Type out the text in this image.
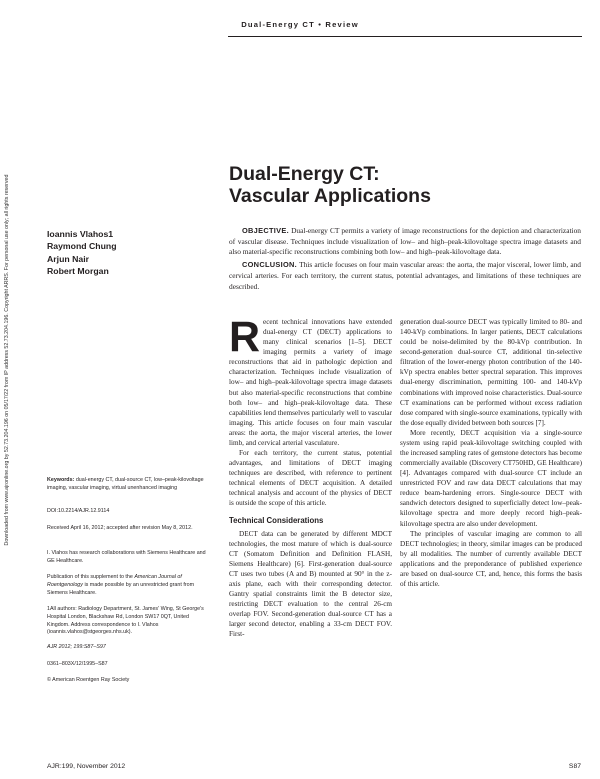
Dual-Energy CT • Review
Downloaded from www.ajronline.org by 52.73.204.196 on 05/17/22 from IP address 52.73.204.196. Copyright ARRS. For personal use only; all rights reserved
Dual-Energy CT:
Vascular Applications
Ioannis Vlahos1
Raymond Chung
Arjun Nair
Robert Morgan

OBJECTIVE. Dual-energy CT permits a variety of image reconstructions for the depiction and characterization of vascular disease. Techniques include visualization of low– and high–peak-kilovoltage spectra image datasets and also material-specific reconstructions combining both low– and high–peak-kilovoltage data.

CONCLUSION. This article focuses on four main vascular areas: the aorta, the major visceral, lower limb, and cervical arteries. For each territory, the current status, potential advantages, and limitations of these techniques are described.

Recent technical innovations have extended dual-energy CT (DECT) applications to many clinical scenarios [1–5]. DECT imaging permits a variety of image reconstructions that aid in pathologic depiction and characterization. Techniques include visualization of low– and high–peak-kilovoltage spectra image datasets but also material-specific reconstructions that combine both low– and high–peak-kilovoltage data. These capabilities lend themselves particularly well to vascular imaging. This article focuses on four main vascular areas: the aorta, the major visceral arteries, the lower limb, and cervical arterial vasculature.

For each territory, the current status, potential advantages, and limitations of DECT imaging techniques are described, with reference to pertinent technical elements of DECT acquisition. A detailed technical analysis and account of the physics of DECT is outside the scope of this article.

Technical Considerations

DECT data can be generated by different MDCT technologies, the most mature of which is dual-source CT (Somatom Definition and Definition FLASH, Siemens Healthcare) [6]. First-generation dual-source CT uses two tubes (A and B) mounted at 90° in the z-axis plane, each with their corresponding detector. Gantry spatial constraints limit the B detector size, restricting DECT evaluation to the central 26-cm overlap FOV. Second-generation dual-source CT has a larger second detector, enabling a 33-cm DECT FOV. First-

generation dual-source DECT was typically limited to 80- and 140-kVp combinations. In larger patients, DECT calculations could be noise-delimited by the 80-kVp contribution. In second-generation dual-source CT, additional tin-selective filtration of the lower-energy photon contribution of the 140-kVp spectra enables better spectral separation. This improves dual-energy discrimination, permitting 100- and 140-kVp combinations with improved noise characteristics. Dual-source CT examinations can be performed without excess radiation dose compared with single-source examinations, typically with the dose equally divided between both sources [7].

More recently, DECT acquisition via a single-source system using rapid peak-kilovoltage switching coupled with the increased sampling rates of gemstone detectors has become commercially available (Discovery CT750HD, GE Healthcare) [4]. Advantages compared with dual-source CT include an unrestricted FOV and raw data DECT calculations that may reduce beam-hardening errors. Single-source DECT with sandwich detectors designed to superficially detect low–peak-kilovoltage spectra and more deeply record high–peak-kilovoltage spectra are also under development.

The principles of vascular imaging are common to all DECT technologies; in theory, similar images can be produced by all modalities. The number of currently available DECT applications and the preponderance of published experience are based on dual-source CT, and, hence, this forms the basis of this article.

Keywords: dual-energy CT, dual-source CT, low–peak-kilovoltage imaging, vascular imaging, virtual unenhanced imaging

DOI:10.2214/AJR.12.9114
Received April 16, 2012; accepted after revision May 8, 2012.
I. Vlahos has research collaborations with Siemens Healthcare and GE Healthcare.

Publication of this supplement to the American Journal of Roentgenology is made possible by an unrestricted grant from Siemens Healthcare.

1All authors: Radiology Department, St. James' Wing, St George's Hospital London, Blackshaw Rd, London SW17 0QT, United Kingdom. Address correspondence to I. Vlahos (ioannis.vlahos@stgeorges.nhs.uk).
AJR 2012; 199:S87–S97
0361–803X/12/1995–S87
© American Roentgen Ray Society
AJR:199, November 2012	S87
